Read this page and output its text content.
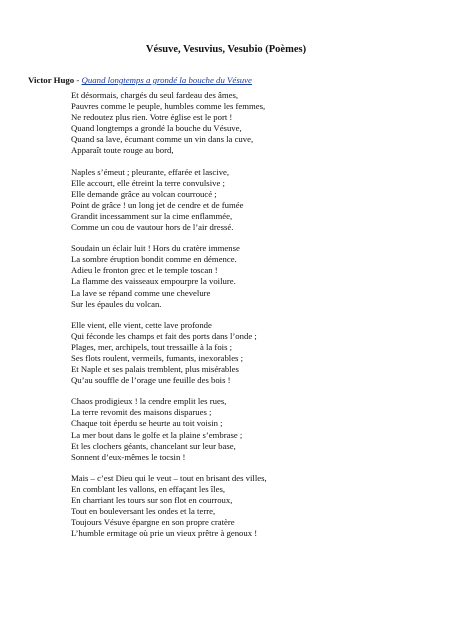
Vésuve, Vesuvius, Vesubio (Poèmes)
Victor Hugo - Quand longtemps a grondé la bouche du Vésuve
Et désormais, chargés du seul fardeau des âmes,
Pauvres comme le peuple, humbles comme les femmes,
Ne redoutez plus rien. Votre église est le port !
Quand longtemps a grondé la bouche du Vésuve,
Quand sa lave, écumant comme un vin dans la cuve,
Apparaît toute rouge au bord,
Naples s’émeut ; pleurante, effarée et lascive,
Elle accourt, elle étreint la terre convulsive ;
Elle demande grâce au volcan courroucé ;
Point de grâce ! un long jet de cendre et de fumée
Grandit incessamment sur la cime enflammée,
Comme un cou de vautour hors de l’air dressé.
Soudain un éclair luit ! Hors du cratère immense
La sombre éruption bondit comme en démence.
Adieu le fronton grec et le temple toscan !
La flamme des vaisseaux empourpre la voilure.
La lave se répand comme une chevelure
Sur les épaules du volcan.
Elle vient, elle vient, cette lave profonde
Qui féconde les champs et fait des ports dans l’onde ;
Plages, mer, archipels, tout tressaille à la fois ;
Ses flots roulent, vermeils, fumants, inexorables ;
Et Naple et ses palais tremblent, plus misérables
Qu’au souffle de l’orage une feuille des bois !
Chaos prodigieux ! la cendre emplit les rues,
La terre revomit des maisons disparues ;
Chaque toit éperdu se heurte au toit voisin ;
La mer bout dans le golfe et la plaine s’embrase ;
Et les clochers géants, chancelant sur leur base,
Sonnent d’eux-mêmes le tocsin !
Mais – c’est Dieu qui le veut – tout en brisant des villes,
En comblant les vallons, en effaçant les îles,
En charriant les tours sur son flot en courroux,
Tout en bouleversant les ondes et la terre,
Toujours Vésuve épargne en son propre cratère
L’humble ermitage où prie un vieux prêtre à genoux !
